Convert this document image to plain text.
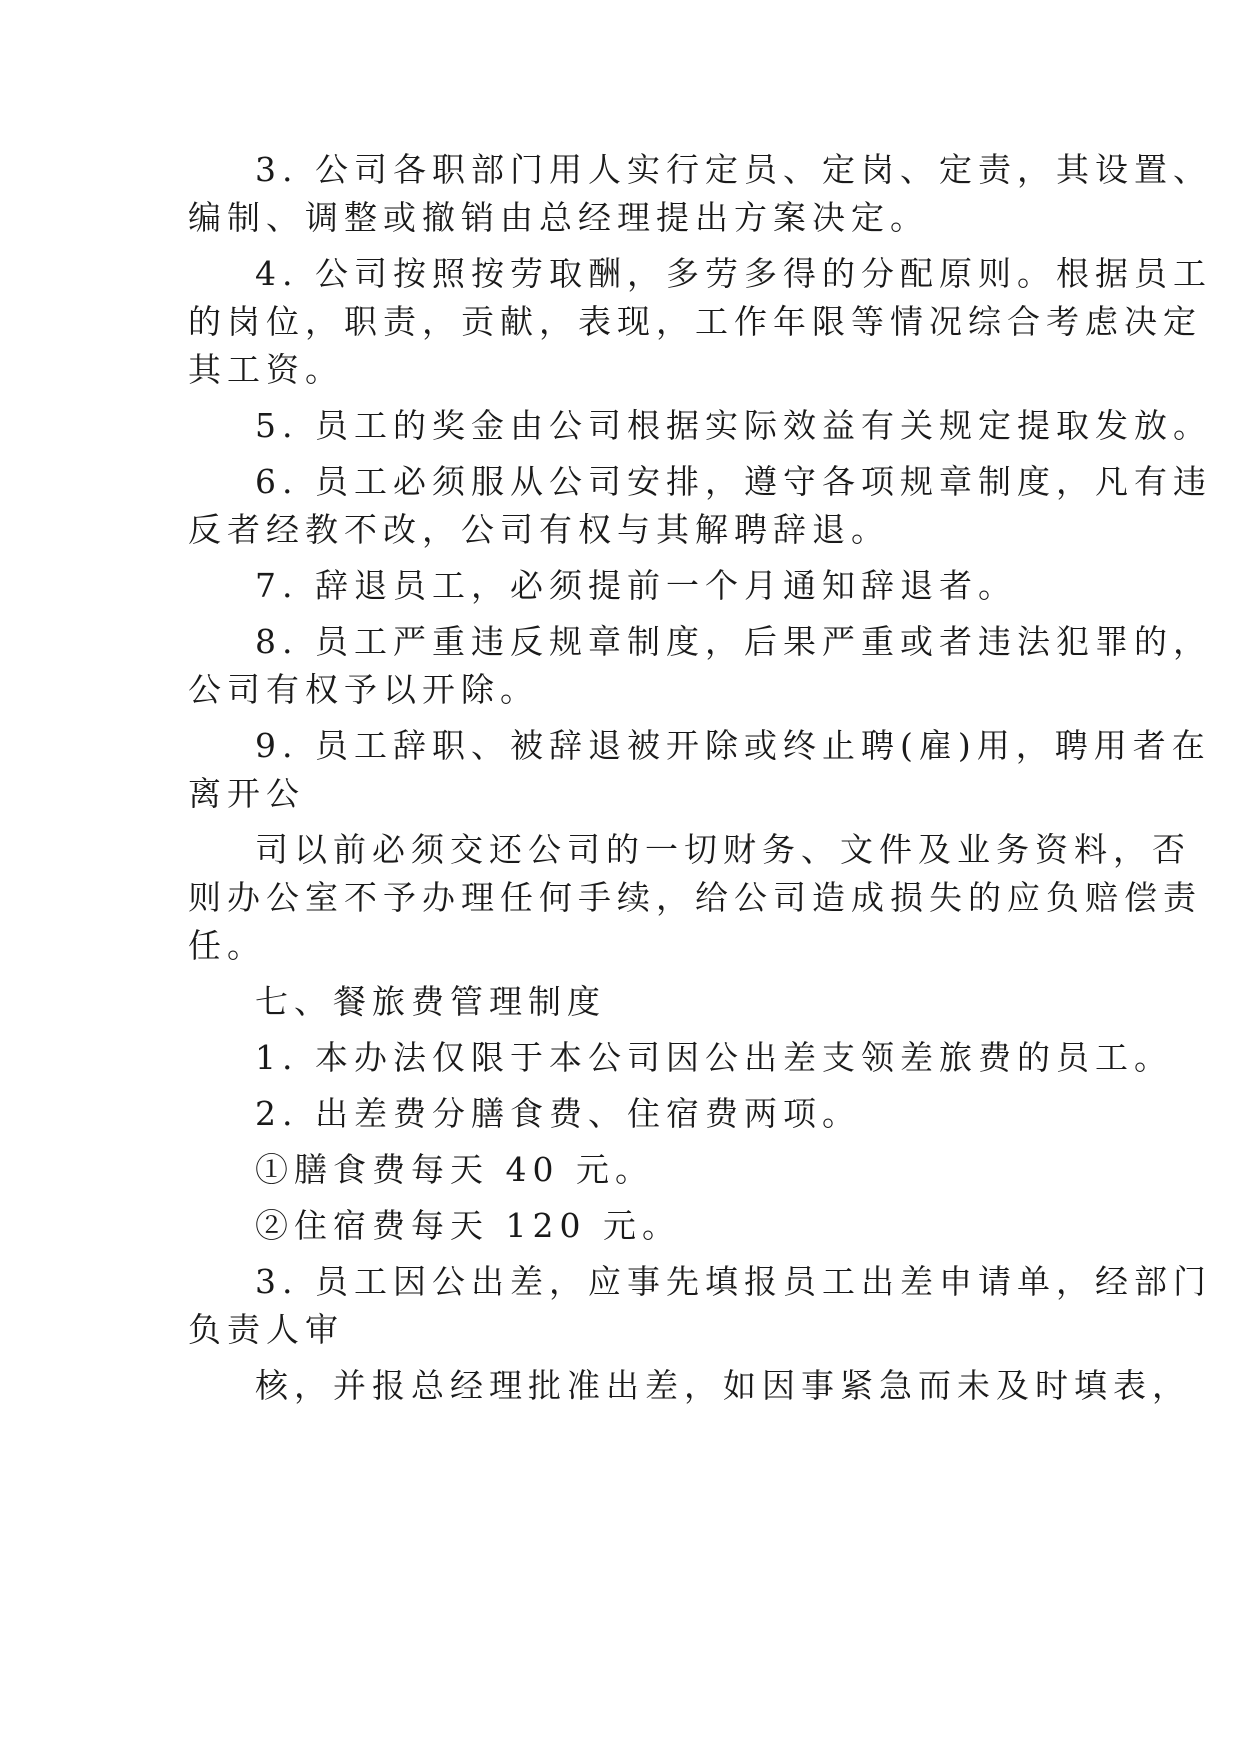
3. 公司各职部门用人实行定员、定岗、定责，其设置、
编制、调整或撤销由总经理提出方案决定。
4. 公司按照按劳取酬，多劳多得的分配原则。根据员工
的岗位，职责，贡献，表现，工作年限等情况综合考虑决定
其工资。
5. 员工的奖金由公司根据实际效益有关规定提取发放。
6. 员工必须服从公司安排，遵守各项规章制度，凡有违
反者经教不改，公司有权与其解聘辞退。
7. 辞退员工，必须提前一个月通知辞退者。
8. 员工严重违反规章制度，后果严重或者违法犯罪的，
公司有权予以开除。
9. 员工辞职、被辞退被开除或终止聘(雇)用，聘用者在
离开公
司以前必须交还公司的一切财务、文件及业务资料，否
则办公室不予办理任何手续，给公司造成损失的应负赔偿责
任。
七、餐旅费管理制度
1. 本办法仅限于本公司因公出差支领差旅费的员工。
2. 出差费分膳食费、住宿费两项。
①膳食费每天 40 元。
②住宿费每天 120 元。
3. 员工因公出差，应事先填报员工出差申请单，经部门
负责人审
核，并报总经理批准出差，如因事紧急而未及时填表，
